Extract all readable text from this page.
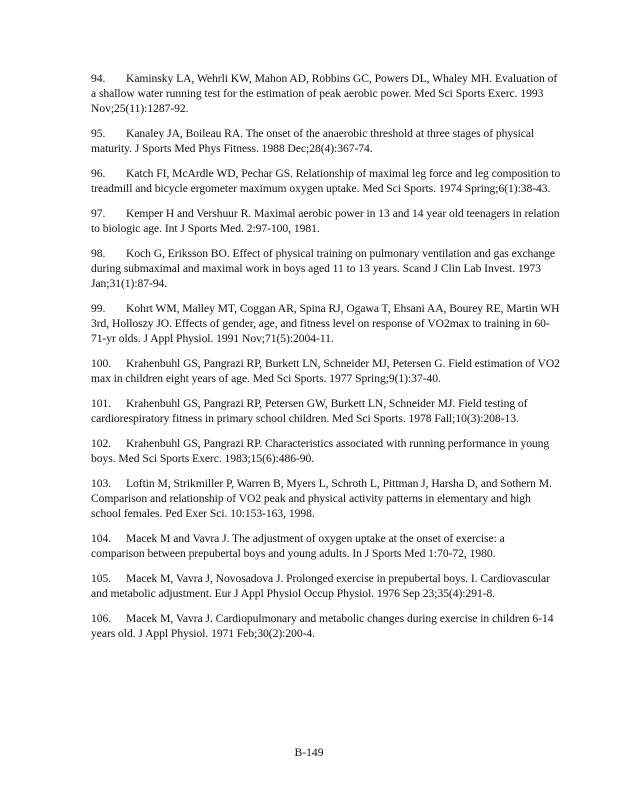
94. Kaminsky LA, Wehrli KW, Mahon AD, Robbins GC, Powers DL, Whaley MH. Evaluation of a shallow water running test for the estimation of peak aerobic power. Med Sci Sports Exerc. 1993 Nov;25(11):1287-92.

95. Kanaley JA, Boileau RA. The onset of the anaerobic threshold at three stages of physical maturity. J Sports Med Phys Fitness. 1988 Dec;28(4):367-74.

96. Katch FI, McArdle WD, Pechar GS. Relationship of maximal leg force and leg composition to treadmill and bicycle ergometer maximum oxygen uptake. Med Sci Sports. 1974 Spring;6(1):38-43.

97. Kemper H and Vershuur R. Maximal aerobic power in 13 and 14 year old teenagers in relation to biologic age. Int J Sports Med. 2:97-100, 1981.

98. Koch G, Eriksson BO. Effect of physical training on pulmonary ventilation and gas exchange during submaximal and maximal work in boys aged 11 to 13 years. Scand J Clin Lab Invest. 1973 Jan;31(1):87-94.

99. Kohrt WM, Malley MT, Coggan AR, Spina RJ, Ogawa T, Ehsani AA, Bourey RE, Martin WH 3rd, Holloszy JO. Effects of gender, age, and fitness level on response of VO2max to training in 60-71-yr olds. J Appl Physiol. 1991 Nov;71(5):2004-11.

100. Krahenbuhl GS, Pangrazi RP, Burkett LN, Schneider MJ, Petersen G. Field estimation of VO2 max in children eight years of age. Med Sci Sports. 1977 Spring;9(1):37-40.

101. Krahenbuhl GS, Pangrazi RP, Petersen GW, Burkett LN, Schneider MJ. Field testing of cardiorespiratory fitness in primary school children. Med Sci Sports. 1978 Fall;10(3):208-13.

102. Krahenbuhl GS, Pangrazi RP. Characteristics associated with running performance in young boys. Med Sci Sports Exerc. 1983;15(6):486-90.

103. Loftin M, Strikmiller P, Warren B, Myers L, Schroth L, Pittman J, Harsha D, and Sothern M. Comparison and relationship of VO2 peak and physical activity patterns in elementary and high school females. Ped Exer Sci. 10:153-163, 1998.

104. Macek M and Vavra J. The adjustment of oxygen uptake at the onset of exercise: a comparison between prepubertal boys and young adults. In J Sports Med 1:70-72, 1980.

105. Macek M, Vavra J, Novosadova J. Prolonged exercise in prepubertal boys. I. Cardiovascular and metabolic adjustment. Eur J Appl Physiol Occup Physiol. 1976 Sep 23;35(4):291-8.

106. Macek M, Vavra J. Cardiopulmonary and metabolic changes during exercise in children 6-14 years old. J Appl Physiol. 1971 Feb;30(2):200-4.

B-149
